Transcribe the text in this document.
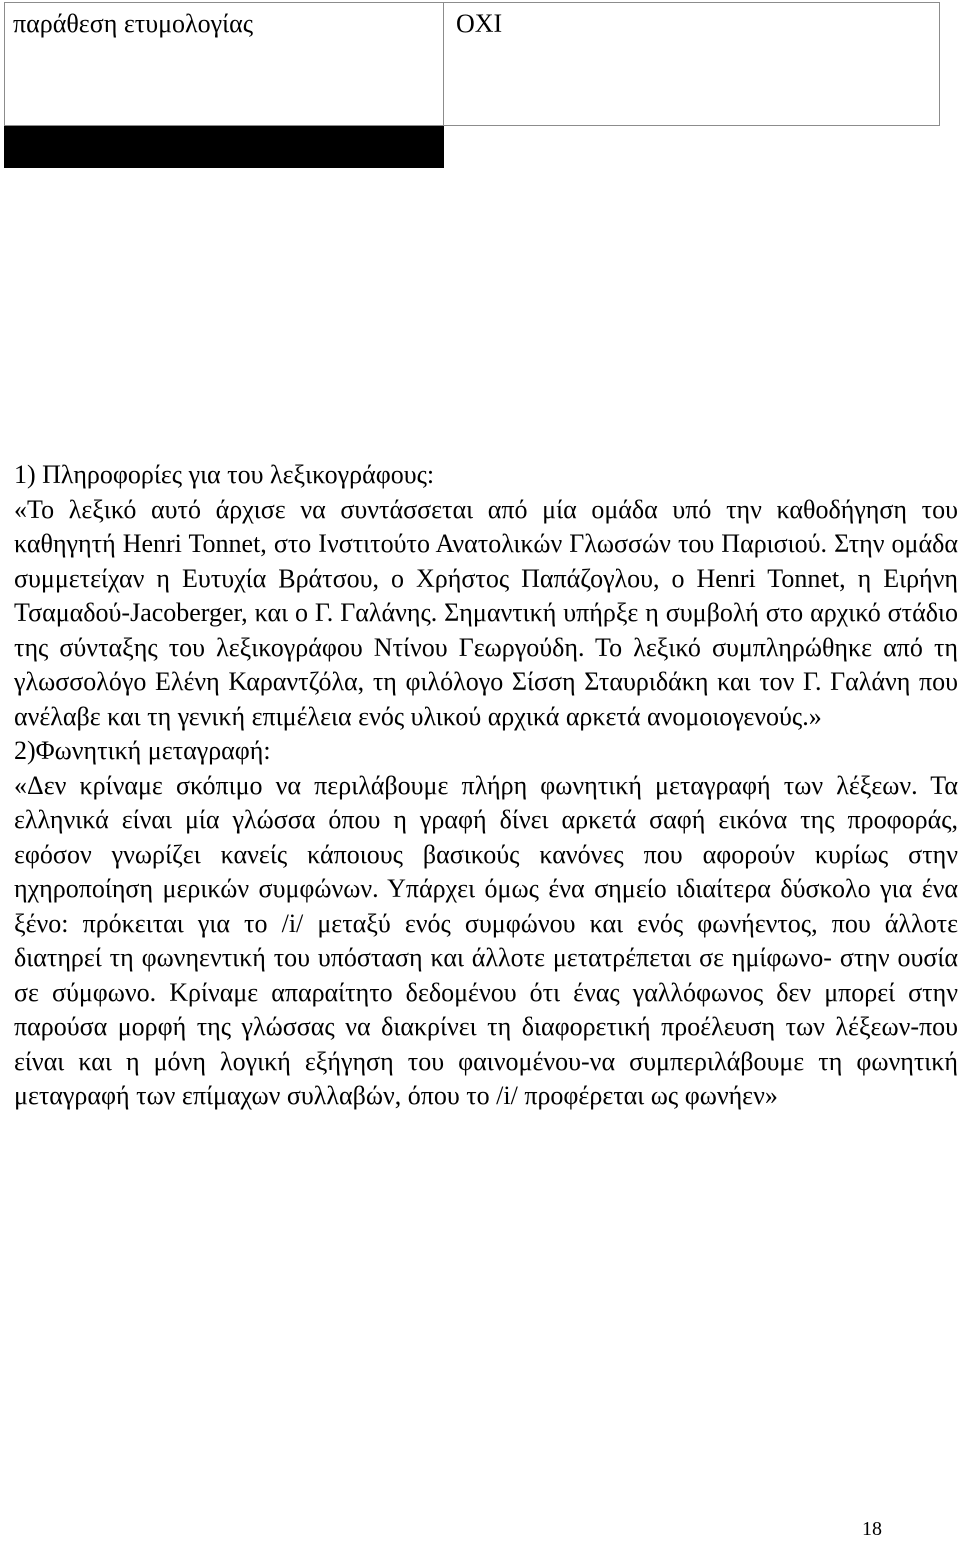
παράθεση ετυμολογίας	ΟΧΙ

1) Πληροφορίες για του λεξικογράφους:

«Το λεξικό αυτό άρχισε να συντάσσεται από μία ομάδα υπό την καθοδήγηση του καθηγητή Henri Tonnet, στο Ινστιτούτο Ανατολικών Γλωσσών του Παρισιού. Στην ομάδα συμμετείχαν η Ευτυχία Βράτσου, ο Χρήστος Παπάζογλου, ο Henri Tonnet, η Ειρήνη Τσαμαδού-Jacoberger, και ο Γ. Γαλάνης. Σημαντική υπήρξε η συμβολή στο αρχικό στάδιο της σύνταξης του λεξικογράφου Ντίνου Γεωργούδη. Το λεξικό συμπληρώθηκε από τη γλωσσολόγο Ελένη Καραντζόλα, τη φιλόλογο Σίσση Σταυριδάκη και τον Γ. Γαλάνη που ανέλαβε και τη γενική επιμέλεια ενός υλικού αρχικά αρκετά ανομοιογενούς.»

2)Φωνητική μεταγραφή:

«Δεν κρίναμε σκόπιμο να περιλάβουμε πλήρη φωνητική μεταγραφή των λέξεων. Τα ελληνικά είναι μία γλώσσα όπου η γραφή δίνει αρκετά σαφή εικόνα της προφοράς, εφόσον γνωρίζει κανείς κάποιους βασικούς κανόνες που αφορούν κυρίως στην ηχηροποίηση μερικών συμφώνων. Υπάρχει όμως ένα σημείο ιδιαίτερα δύσκολο για ένα ξένο: πρόκειται για το /i/ μεταξύ ενός συμφώνου και ενός φωνήεντος, που άλλοτε διατηρεί τη φωνηεντική του υπόσταση και άλλοτε μετατρέπεται σε ημίφωνο- στην ουσία σε σύμφωνο. Κρίναμε απαραίτητο δεδομένου ότι ένας γαλλόφωνος δεν μπορεί στην παρούσα μορφή της γλώσσας να διακρίνει τη διαφορετική προέλευση των λέξεων-που είναι και η μόνη λογική εξήγηση του φαινομένου-να συμπεριλάβουμε τη φωνητική μεταγραφή των επίμαχων συλλαβών, όπου το /i/ προφέρεται ως φωνήεν»

18
